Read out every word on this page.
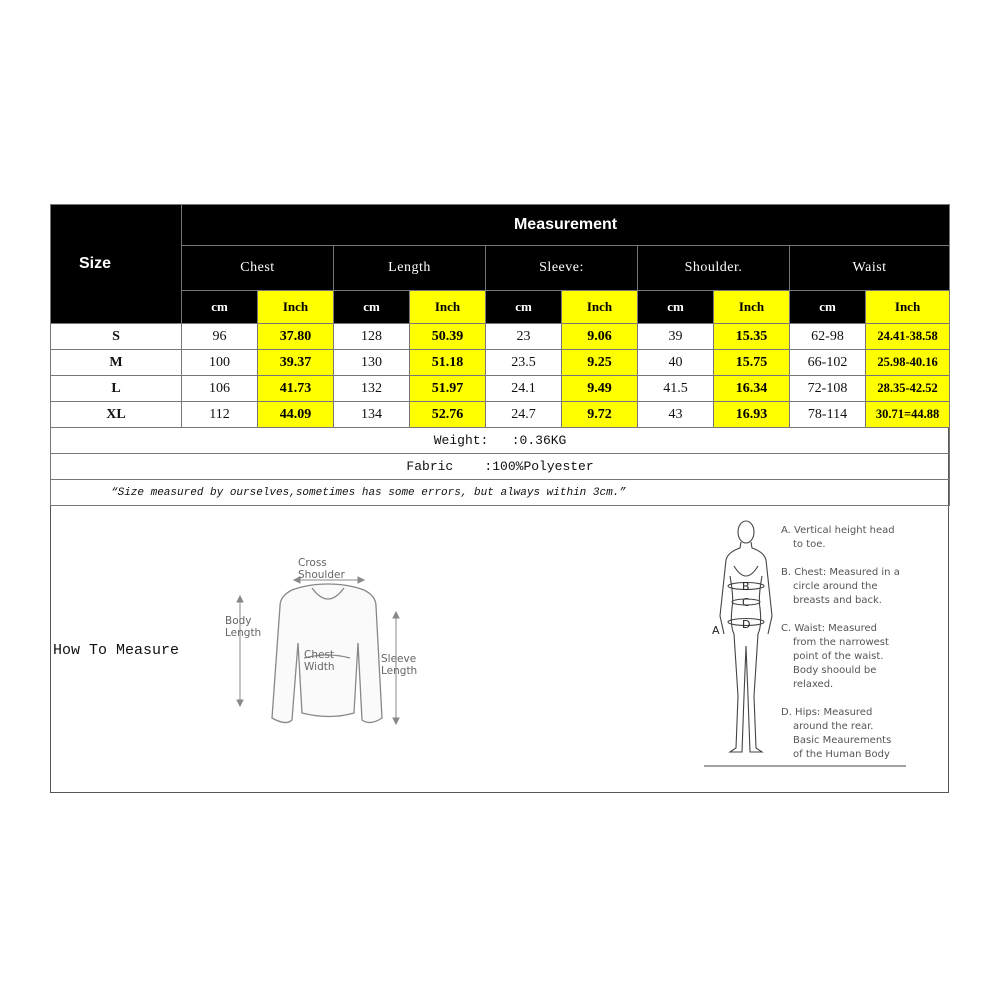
Size	Measurement									
	Chest		Length		Sleeve:		Shoulder.		Waist	
	cm	Inch	cm	Inch	cm	Inch	cm	Inch	cm	Inch
S	96	37.80	128	50.39	23	9.06	39	15.35	62-98	24.41-38.58
M	100	39.37	130	51.18	23.5	9.25	40	15.75	66-102	25.98-40.16
L	106	41.73	132	51.97	24.1	9.49	41.5	16.34	72-108	28.35-42.52
XL	112	44.09	134	52.76	24.7	9.72	43	16.93	78-114	30.71=44.88
Weight:   :0.36KG										
Fabric    :100%Polyester										
“Size measured by ourselves,sometimes has some errors, but always within 3cm.”										
How To Measure
Cross
Shoulder
Body
Length
Chest
Width
Sleeve
Length
A
B
C
D
A. Vertical height head
to toe.
B. Chest: Measured in a
circle around the
breasts and back.
C. Waist: Measured
from the narrowest
point of the waist.
Body shoould be
relaxed.
D. Hips: Measured
around the rear.
Basic Meaurements
of the Human Body
